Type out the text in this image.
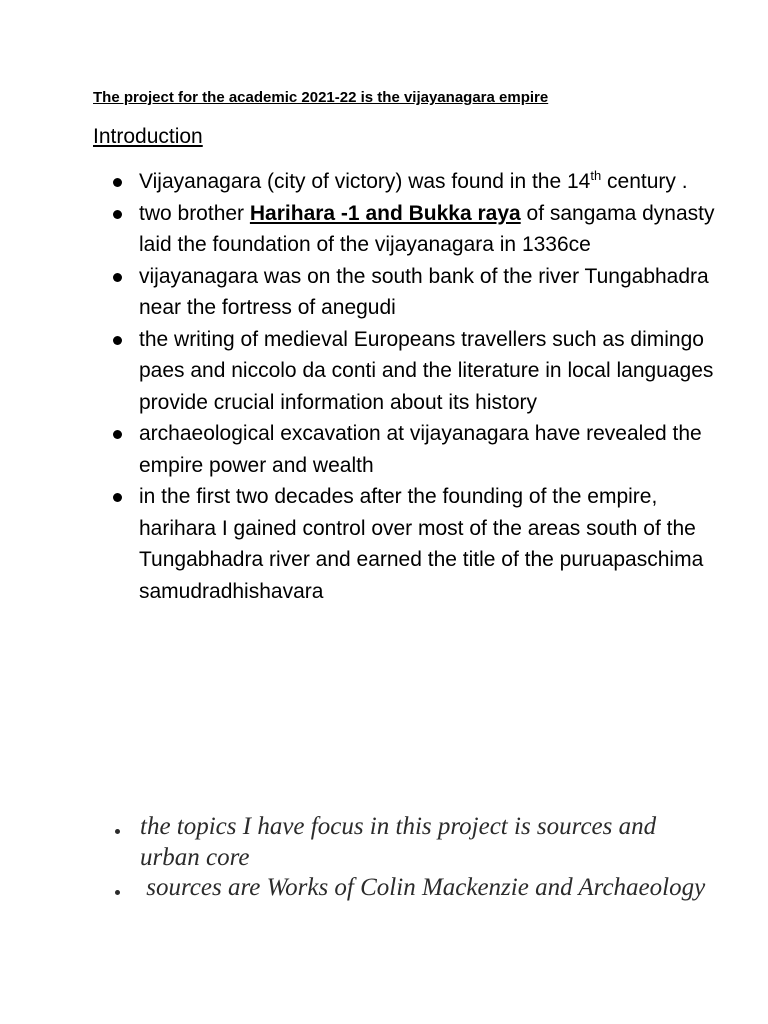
The project for the academic 2021-22 is the vijayanagara empire
Introduction
Vijayanagara (city of victory) was found in the 14th century .
two brother Harihara -1 and Bukka raya of sangama dynasty laid the foundation of the vijayanagara in 1336ce
vijayanagara was on the south bank of the river Tungabhadra near the fortress of anegudi
the writing of medieval Europeans travellers such as dimingo paes and niccolo da conti and the literature in local languages provide crucial information about its history
archaeological excavation at vijayanagara have revealed the empire power and wealth
in the first two decades after the founding of the empire, harihara I gained control over most of the areas south of the Tungabhadra river and earned the title of the puruapaschima samudradhishavara
the topics I have focus in this project is sources and urban core
sources are Works of Colin Mackenzie and Archaeology
